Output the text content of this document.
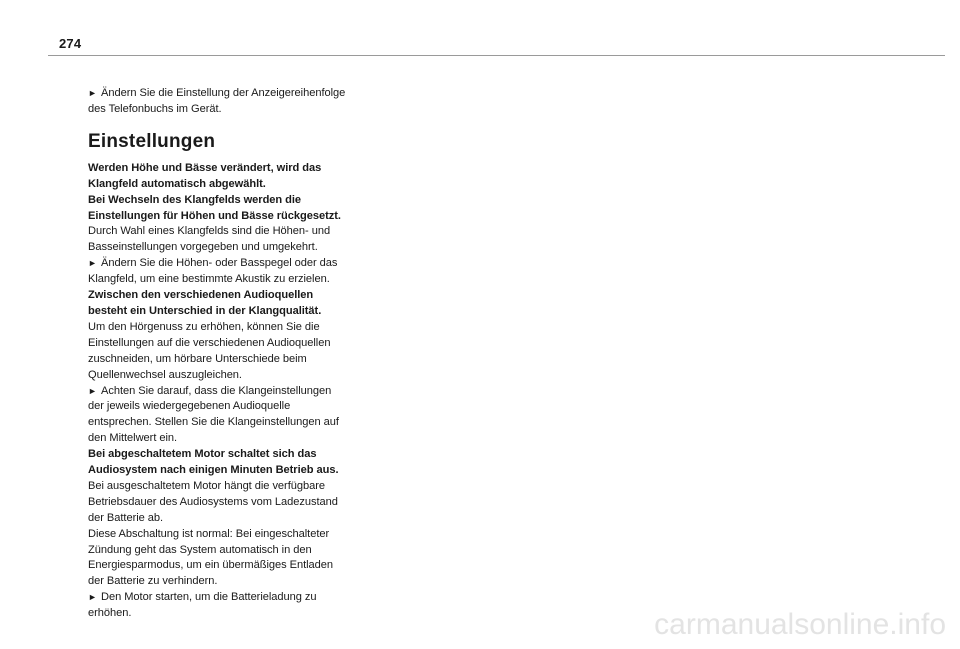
274

► Ändern Sie die Einstellung der Anzeigereihenfolge des Telefonbuchs im Gerät.

Einstellungen

Werden Höhe und Bässe verändert, wird das Klangfeld automatisch abgewählt.

Bei Wechseln des Klangfelds werden die Einstellungen für Höhen und Bässe rückgesetzt.

Durch Wahl eines Klangfelds sind die Höhen- und Basseinstellungen vorgegeben und umgekehrt.

► Ändern Sie die Höhen- oder Basspegel oder das Klangfeld, um eine bestimmte Akustik zu erzielen.

Zwischen den verschiedenen Audioquellen besteht ein Unterschied in der Klangqualität.

Um den Hörgenuss zu erhöhen, können Sie die Einstellungen auf die verschiedenen Audioquellen zuschneiden, um hörbare Unterschiede beim Quellenwechsel auszugleichen.

► Achten Sie darauf, dass die Klangeinstellungen der jeweils wiedergegebenen Audioquelle entsprechen. Stellen Sie die Klangeinstellungen auf den Mittelwert ein.

Bei abgeschaltetem Motor schaltet sich das Audiosystem nach einigen Minuten Betrieb aus.

Bei ausgeschaltetem Motor hängt die verfügbare Betriebsdauer des Audiosystems vom Ladezustand der Batterie ab.

Diese Abschaltung ist normal: Bei eingeschalteter Zündung geht das System automatisch in den Energiesparmodus, um ein übermäßiges Entladen der Batterie zu verhindern.

► Den Motor starten, um die Batterieladung zu erhöhen.	carmanualsonline.info
